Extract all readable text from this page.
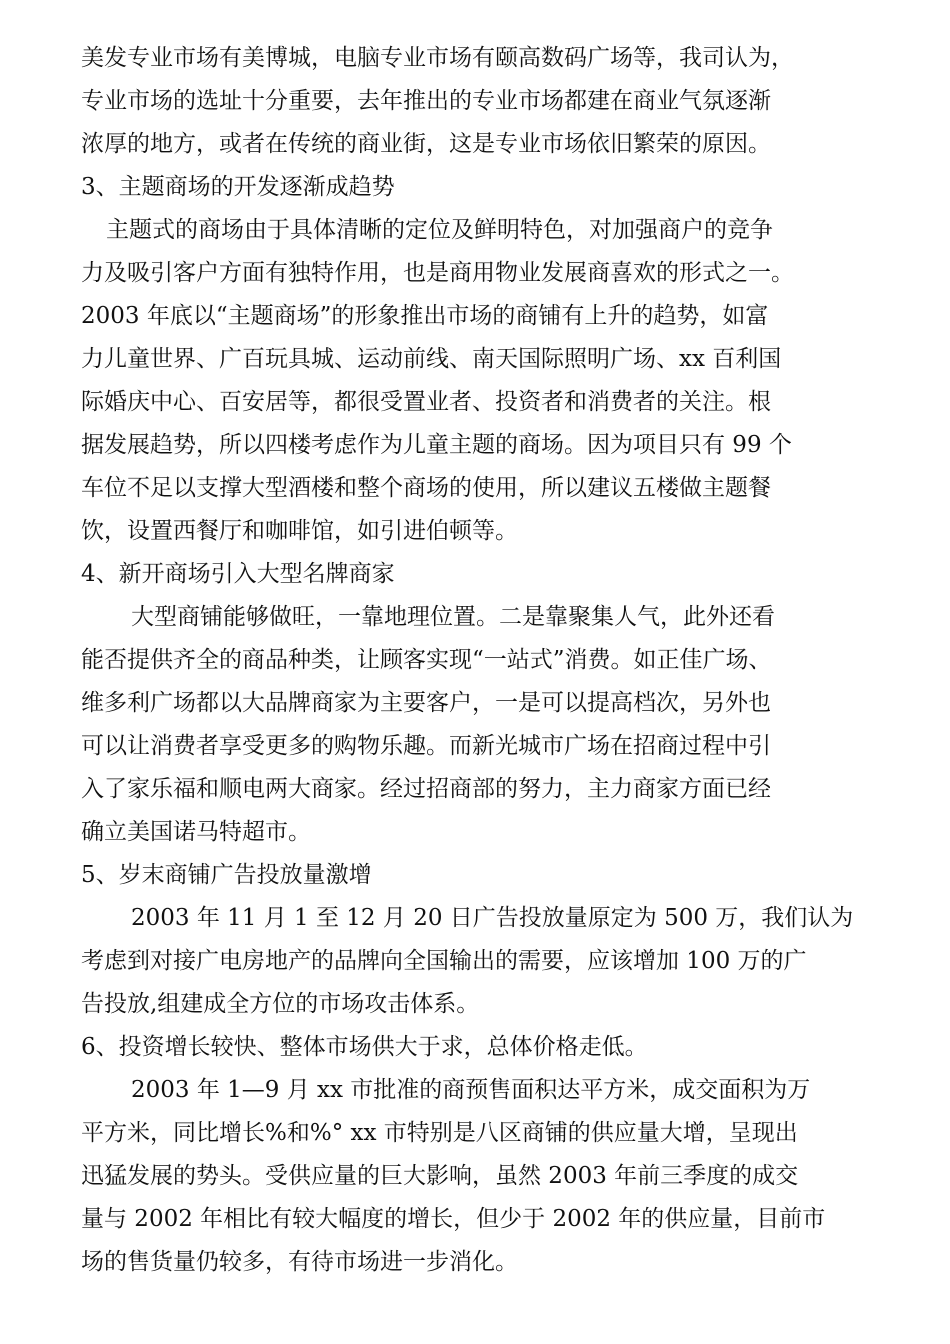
美发专业市场有美博城，电脑专业市场有颐高数码广场等，我司认为，
专业市场的选址十分重要，去年推出的专业市场都建在商业气氛逐渐
浓厚的地方，或者在传统的商业街，这是专业市场依旧繁荣的原因。
3、主题商场的开发逐渐成趋势
主题式的商场由于具体清晰的定位及鲜明特色，对加强商户的竞争
力及吸引客户方面有独特作用，也是商用物业发展商喜欢的形式之一。
2003 年底以“主题商场”的形象推出市场的商铺有上升的趋势，如富
力儿童世界、广百玩具城、运动前线、南天国际照明广场、xx 百利国
际婚庆中心、百安居等，都很受置业者、投资者和消费者的关注。根
据发展趋势，所以四楼考虑作为儿童主题的商场。因为项目只有 99 个
车位不足以支撑大型酒楼和整个商场的使用，所以建议五楼做主题餐
饮，设置西餐厅和咖啡馆，如引进伯顿等。
4、新开商场引入大型名牌商家
大型商铺能够做旺，一靠地理位置。二是靠聚集人气，此外还看
能否提供齐全的商品种类，让顾客实现“一站式”消费。如正佳广场、
维多利广场都以大品牌商家为主要客户，一是可以提高档次，另外也
可以让消费者享受更多的购物乐趣。而新光城市广场在招商过程中引
入了家乐福和顺电两大商家。经过招商部的努力，主力商家方面已经
确立美国诺马特超市。
5、岁末商铺广告投放量激增
2003 年 11 月 1 至 12 月 20 日广告投放量原定为 500 万，我们认为
考虑到对接广电房地产的品牌向全国输出的需要，应该增加 100 万的广
告投放,组建成全方位的市场攻击体系。
6、投资增长较快、整体市场供大于求，总体价格走低。
2003 年 1—9 月 xx 市批准的商预售面积达平方米，成交面积为万
平方米，同比增长%和%° xx 市特别是八区商铺的供应量大增，呈现出
迅猛发展的势头。受供应量的巨大影响，虽然 2003 年前三季度的成交
量与 2002 年相比有较大幅度的增长，但少于 2002 年的供应量，目前市
场的售货量仍较多，有待市场进一步消化。
